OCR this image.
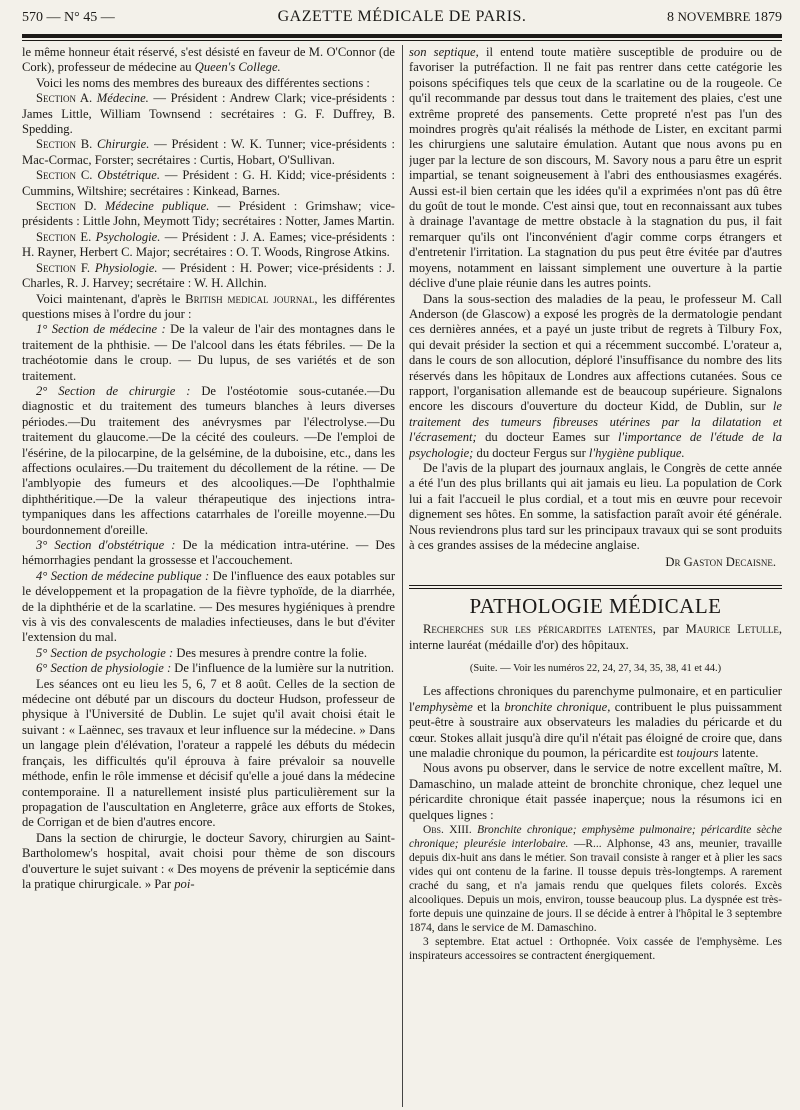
570 — N° 45 —	GAZETTE MÉDICALE DE PARIS.	8 NOVEMBRE 1879

le même honneur était réservé, s'est désisté en faveur de M. O'Connor (de Cork), professeur de médecine au Queen's College.

Voici les noms des membres des bureaux des différentes sections :

Section A. Médecine. — Président : Andrew Clark; vice-présidents : James Little, William Townsend : secrétaires : G. F. Duffrey, B. Spedding.

Section B. Chirurgie. — Président : W. K. Tunner; vice-présidents : Mac-Cormac, Forster; secrétaires : Curtis, Hobart, O'Sullivan.

Section C. Obstétrique. — Président : G. H. Kidd; vice-présidents : Cummins, Wiltshire; secrétaires : Kinkead, Barnes.

Section D. Médecine publique. — Président : Grimshaw; vice-présidents : Little John, Meymott Tidy; secrétaires : Notter, James Martin.

Section E. Psychologie. — Président : J. A. Eames; vice-présidents : H. Rayner, Herbert C. Major; secrétaires : O. T. Woods, Ringrose Atkins.

Section F. Physiologie. — Président : H. Power; vice-présidents : J. Charles, R. J. Harvey; secrétaire : W. H. Allchin.

Voici maintenant, d'après le British medical journal, les différentes questions mises à l'ordre du jour :

1° Section de médecine : De la valeur de l'air des montagnes dans le traitement de la phthisie. — De l'alcool dans les états fébriles. — De la trachéotomie dans le croup. — Du lupus, de ses variétés et de son traitement.

2° Section de chirurgie : De l'ostéotomie sous-cutanée.—Du diagnostic et du traitement des tumeurs blanches à leurs diverses périodes.—Du traitement des anévrysmes par l'électrolyse.—Du traitement du glaucome.—De la cécité des couleurs. —De l'emploi de l'ésérine, de la pilocarpine, de la gelsémine, de la duboisine, etc., dans les affections oculaires.—Du traitement du décollement de la rétine. — De l'amblyopie des fumeurs et des alcooliques.—De l'ophthalmie diphthéritique.—De la valeur thérapeutique des injections intra-tympaniques dans les affections catarrhales de l'oreille moyenne.—Du bourdonnement d'oreille.

3° Section d'obstétrique : De la médication intra-utérine. — Des hémorrhagies pendant la grossesse et l'accouchement.

4° Section de médecine publique : De l'influence des eaux potables sur le développement et la propagation de la fièvre typhoïde, de la diarrhée, de la diphthérie et de la scarlatine. — Des mesures hygiéniques à prendre vis à vis des convalescents de maladies infectieuses, dans le but d'éviter l'extension du mal.

5° Section de psychologie : Des mesures à prendre contre la folie.

6° Section de physiologie : De l'influence de la lumière sur la nutrition.

Les séances ont eu lieu les 5, 6, 7 et 8 août. Celles de la section de médecine ont débuté par un discours du docteur Hudson, professeur de physique à l'Université de Dublin. Le sujet qu'il avait choisi était le suivant : « Laënnec, ses travaux et leur influence sur la médecine. » Dans un langage plein d'élévation, l'orateur a rappelé les débuts du médecin français, les difficultés qu'il éprouva à faire prévaloir sa nouvelle méthode, enfin le rôle immense et décisif qu'elle a joué dans la médecine contemporaine. Il a naturellement insisté plus particulièrement sur la propagation de l'auscultation en Angleterre, grâce aux efforts de Stokes, de Corrigan et de bien d'autres encore.

Dans la section de chirurgie, le docteur Savory, chirurgien au Saint-Bartholomew's hospital, avait choisi pour thème de son discours d'ouverture le sujet suivant : « Des moyens de prévenir la septicémie dans la pratique chirurgicale. » Par poi-

son septique, il entend toute matière susceptible de produire ou de favoriser la putréfaction. Il ne fait pas rentrer dans cette catégorie les poisons spécifiques tels que ceux de la scarlatine ou de la rougeole. Ce qu'il recommande par dessus tout dans le traitement des plaies, c'est une extrême propreté des pansements. Cette propreté n'est pas l'un des moindres progrès qu'ait réalisés la méthode de Lister, en excitant parmi les chirurgiens une salutaire émulation. Autant que nous avons pu en juger par la lecture de son discours, M. Savory nous a paru être un esprit impartial, se tenant soigneusement à l'abri des enthousiasmes exagérés. Aussi est-il bien certain que les idées qu'il a exprimées n'ont pas dû être du goût de tout le monde. C'est ainsi que, tout en reconnaissant aux tubes à drainage l'avantage de mettre obstacle à la stagnation du pus, il fait remarquer qu'ils ont l'inconvénient d'agir comme corps étrangers et d'entretenir l'irritation. La stagnation du pus peut être évitée par d'autres moyens, notamment en laissant simplement une ouverture à la partie déclive d'une plaie réunie dans les autres points.

Dans la sous-section des maladies de la peau, le professeur M. Call Anderson (de Glascow) a exposé les progrès de la dermatologie pendant ces dernières années, et a payé un juste tribut de regrets à Tilbury Fox, qui devait présider la section et qui a récemment succombé. L'orateur a, dans le cours de son allocution, déploré l'insuffisance du nombre des lits réservés dans les hôpitaux de Londres aux affections cutanées. Sous ce rapport, l'organisation allemande est de beaucoup supérieure. Signalons encore les discours d'ouverture du docteur Kidd, de Dublin, sur le traitement des tumeurs fibreuses utérines par la dilatation et l'écrasement; du docteur Eames sur l'importance de l'étude de la psychologie; du docteur Fergus sur l'hygiène publique.

De l'avis de la plupart des journaux anglais, le Congrès de cette année a été l'un des plus brillants qui ait jamais eu lieu. La population de Cork lui a fait l'accueil le plus cordial, et a tout mis en œuvre pour recevoir dignement ses hôtes. En somme, la satisfaction paraît avoir été générale. Nous reviendrons plus tard sur les principaux travaux qui se sont produits à ces grandes assises de la médecine anglaise.

Dr Gaston Decaisne.
PATHOLOGIE MÉDICALE

Recherches sur les péricardites latentes, par Maurice Letulle, interne lauréat (médaille d'or) des hôpitaux.

(Suite. — Voir les numéros 22, 24, 27, 34, 35, 38, 41 et 44.)

Les affections chroniques du parenchyme pulmonaire, et en particulier l'emphysème et la bronchite chronique, contribuent le plus puissamment peut-être à soustraire aux observateurs les maladies du péricarde et du cœur. Stokes allait jusqu'à dire qu'il n'était pas éloigné de croire que, dans une maladie chronique du poumon, la péricardite est toujours latente.

Nous avons pu observer, dans le service de notre excellent maître, M. Damaschino, un malade atteint de bronchite chronique, chez lequel une péricardite chronique était passée inaperçue; nous la résumons ici en quelques lignes :

Obs. XIII. Bronchite chronique; emphysème pulmonaire; péricardite sèche chronique; pleurésie interlobaire. —R... Alphonse, 43 ans, meunier, travaille depuis dix-huit ans dans le métier. Son travail consiste à ranger et à plier les sacs vides qui ont contenu de la farine. Il tousse depuis très-longtemps. A rarement craché du sang, et n'a jamais rendu que quelques filets colorés. Excès alcooliques. Depuis un mois, environ, tousse beaucoup plus. La dyspnée est très-forte depuis une quinzaine de jours. Il se décide à entrer à l'hôpital le 3 septembre 1874, dans le service de M. Damaschino.

3 septembre. Etat actuel : Orthopnée. Voix cassée de l'emphysème. Les inspirateurs accessoires se contractent énergiquement.
